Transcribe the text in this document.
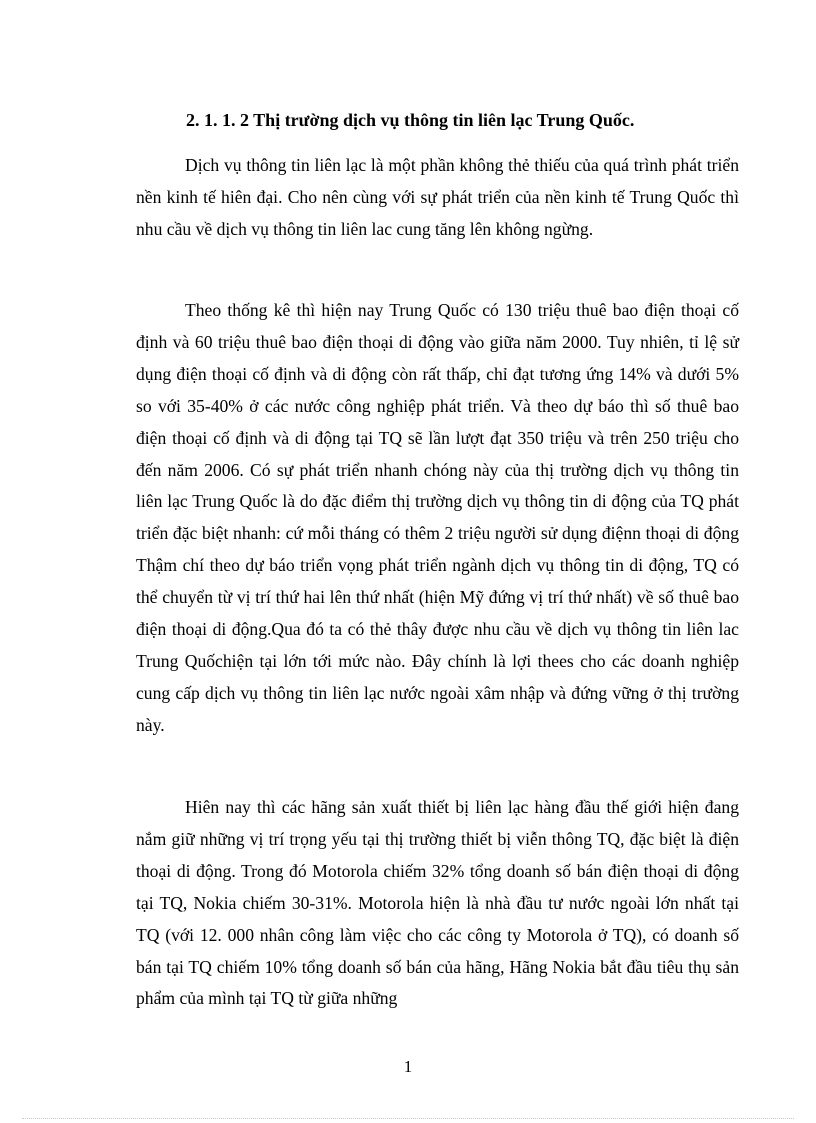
2. 1. 1. 2 Thị trường dịch vụ thông tin liên lạc Trung Quốc.

Dịch vụ thông tin liên lạc là một phần không thẻ thiếu của quá trình phát triển nền kinh tế hiên đại. Cho nên cùng với sự phát triển của nền kinh tế Trung Quốc thì nhu cầu về dịch vụ thông tin liên lac cung tăng lên không ngừng.

Theo thống kê thì hiện nay Trung Quốc có 130 triệu thuê bao điện thoại cố định và 60 triệu thuê bao điện thoại di động vào giữa năm 2000. Tuy nhiên, tỉ lệ sử dụng điện thoại cố định và di động còn rất thấp, chỉ đạt tương ứng 14% và dưới 5% so với 35-40% ở các nước công nghiệp phát triển. Và theo dự báo thì số thuê bao điện thoại cố định và di động tại TQ sẽ lần lượt đạt 350 triệu và trên 250 triệu cho đến năm 2006. Có sự phát triển nhanh chóng này của thị trường dịch vụ thông tin liên lạc Trung Quốc là do đặc điểm thị trường dịch vụ thông tin di động của TQ phát triển đặc biệt nhanh: cứ mỗi tháng có thêm 2 triệu người sử dụng điệnn thoại di động Thậm chí theo dự báo triển vọng phát triển ngành dịch vụ thông tin di động, TQ có thể chuyển từ vị trí thứ hai lên thứ nhất (hiện Mỹ đứng vị trí thứ nhất) về số thuê bao điện thoại di động.Qua đó ta có thẻ thây được nhu cầu về dịch vụ thông tin liên lac Trung Quốchiện tại lớn tới mức nào. Đây chính là lợi thees cho các doanh nghiệp cung cấp dịch vụ thông tin liên lạc nước ngoài xâm nhập và đứng vững ở thị trường này.

Hiên nay thì các hãng sản xuất thiết bị liên lạc hàng đầu thế giới hiện đang nắm giữ những vị trí trọng yếu tại thị trường thiết bị viễn thông TQ, đặc biệt là điện thoại di động. Trong đó Motorola chiếm 32% tổng doanh số bán điện thoại di động tại TQ, Nokia chiếm 30-31%. Motorola hiện là nhà đầu tư nước ngoài lớn nhất tại TQ (với 12. 000 nhân công làm việc cho các công ty Motorola ở TQ), có doanh số bán tại TQ chiếm 10% tổng doanh số bán của hãng, Hãng Nokia bắt đầu tiêu thụ sản phẩm của mình tại TQ từ giữa những

1
